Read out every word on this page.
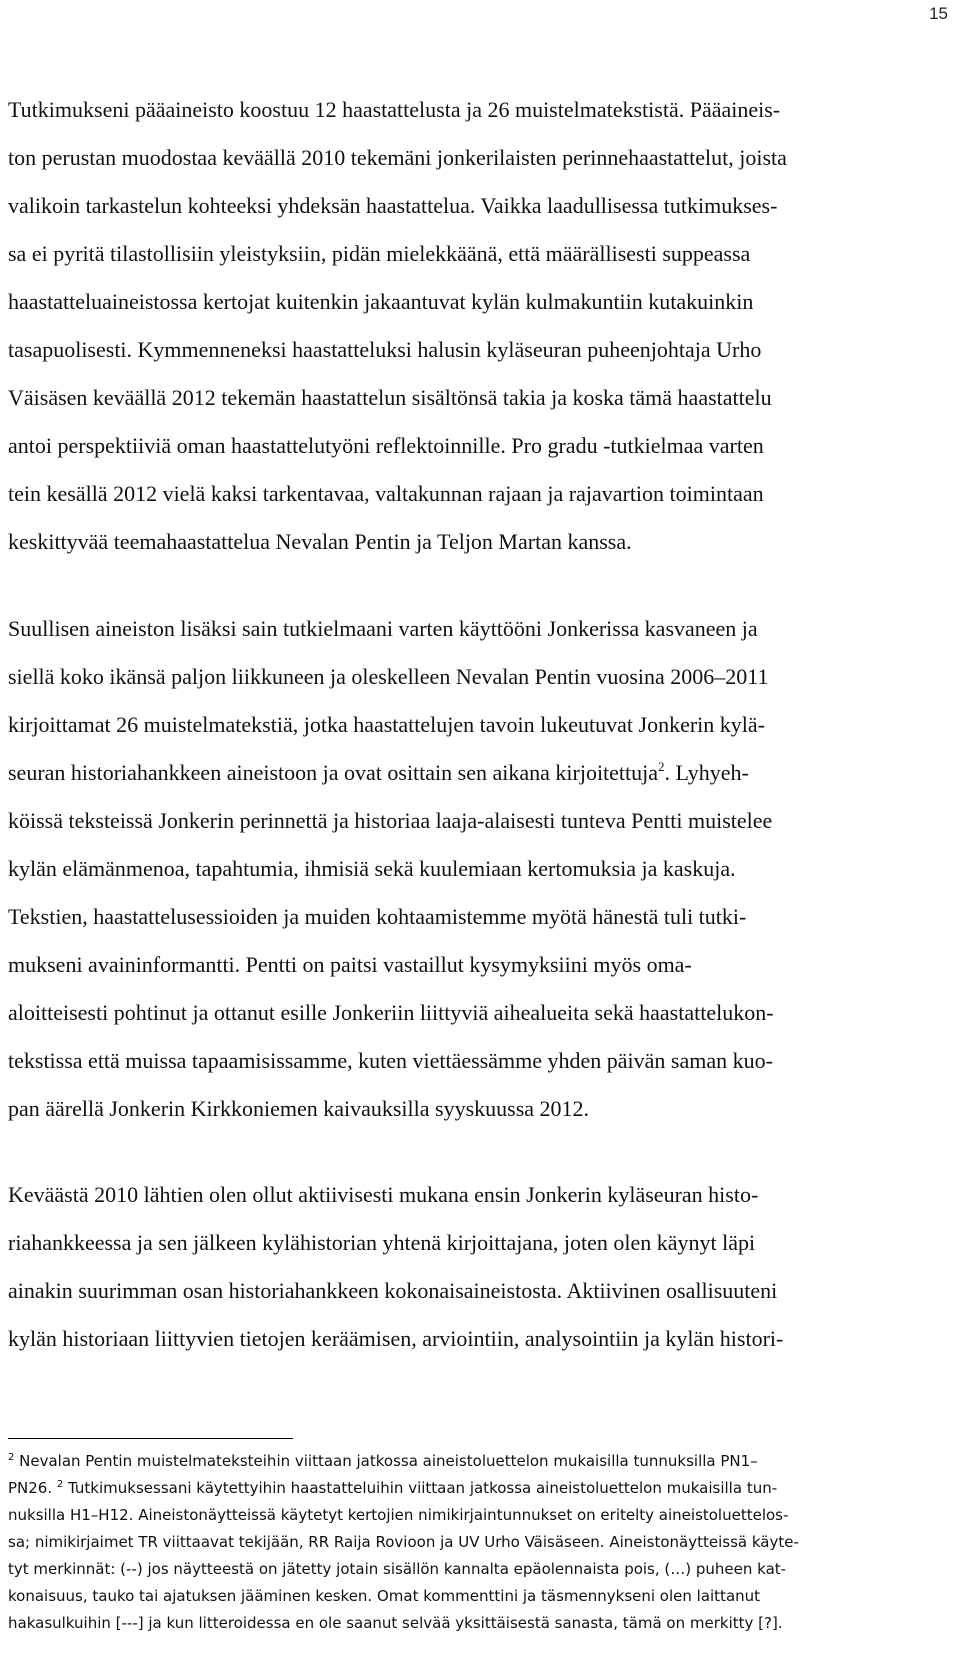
15
Tutkimukseni pääaineisto koostuu 12 haastattelusta ja 26 muistelmatekstistä. Pääaineis-
ton perustan muodostaa keväällä 2010 tekemäni jonkerilaisten perinnehaastattelut, joista
valikoin tarkastelun kohteeksi yhdeksän haastattelua. Vaikka laadullisessa tutkimukses-
sa ei pyritä tilastollisiin yleistyksiin, pidän mielekkäänä, että määrällisesti suppeassa
haastatteluaineistossa kertojat kuitenkin jakaantuvat kylän kulmakuntiin kutakuinkin
tasapuolisesti. Kymmenneneksi haastatteluksi halusin kyläseuran puheenjohtaja Urho
Väisäsen keväällä 2012 tekemän haastattelun sisältönsä takia ja koska tämä haastattelu
antoi perspektiiviä oman haastattelutyöni reflektoinnille. Pro gradu -tutkielmaa varten
tein kesällä 2012 vielä kaksi tarkentavaa, valtakunnan rajaan ja rajavartion toimintaan
keskittyvää teemahaastattelua Nevalan Pentin ja Teljon Martan kanssa.
Suullisen aineiston lisäksi sain tutkielmaani varten käyttööni Jonkerissa kasvaneen ja
siellä koko ikänsä paljon liikkuneen ja oleskelleen Nevalan Pentin vuosina 2006–2011
kirjoittamat 26 muistelmatekstiä, jotka haastattelujen tavoin lukeutuvat Jonkerin kylä-
seuran historiahankkeen aineistoon ja ovat osittain sen aikana kirjoitettuja$^2$. Lyhyeh-
köissä teksteissä Jonkerin perinnettä ja historiaa laaja-alaisesti tunteva Pentti muistelee
kylän elämänmenoa, tapahtumia, ihmisiä sekä kuulemiaan kertomuksia ja kaskuja.
Tekstien, haastattelusessioiden ja muiden kohtaamistemme myötä hänestä tuli tutki-
mukseni avaininformantti. Pentti on paitsi vastaillut kysymyksiini myös oma-
aloitteisesti pohtinut ja ottanut esille Jonkeriin liittyviä aihealueita sekä haastattelukon-
tekstissa että muissa tapaamisissamme, kuten viettäessämme yhden päivän saman kuo-
pan äärellä Jonkerin Kirkkoniemen kaivauksilla syyskuussa 2012.
Keväästä 2010 lähtien olen ollut aktiivisesti mukana ensin Jonkerin kyläseuran histo-
riahankkeessa ja sen jälkeen kylähistorian yhtenä kirjoittajana, joten olen käynyt läpi
ainakin suurimman osan historiahankkeen kokonaisaineistosta. Aktiivinen osallisuuteni
kylän historiaan liittyvien tietojen keräämisen, arviointiin, analysointiin ja kylän histori-
$^2$ Nevalan Pentin muistelmateksteihin viittaan jatkossa aineistoluettelon mukaisilla tunnuksilla PN1–
PN26. $^2$ Tutkimuksessani käytettyihin haastatteluihin viittaan jatkossa aineistoluettelon mukaisilla tun-
nuksilla H1–H12. Aineistonäytteissä käytetyt kertojien nimikirjaintunnukset on eritelty aineistoluettelos-
sa; nimikirjaimet TR viittaavat tekijään, RR Raija Rovioon ja UV Urho Väisäseen. Aineistonäytteissä käyte-
tyt merkinnät: (--) jos näytteestä on jätetty jotain sisällön kannalta epäolennaista pois, (…) puheen kat-
konaisuus, tauko tai ajatuksen jääminen kesken. Omat kommenttini ja täsmennykseni olen laittanut
hakasulkuihin [---] ja kun litteroidessa en ole saanut selvää yksittäisestä sanasta, tämä on merkitty [?].
